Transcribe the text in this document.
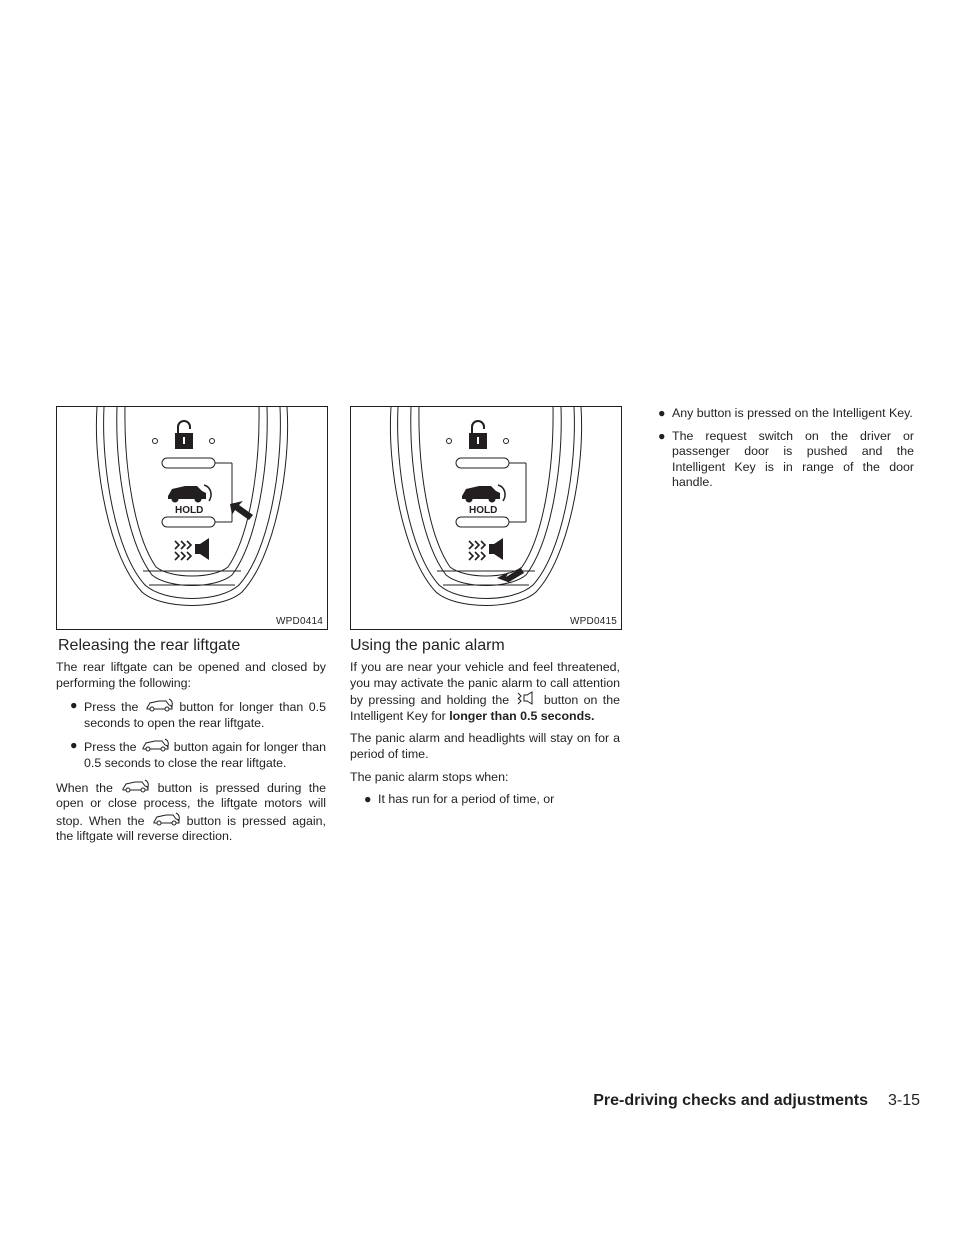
HOLD
WPD0414
HOLD
WPD0415
Releasing the rear liftgate

The rear liftgate can be opened and closed by performing the following:

● Press the	button for longer than 0.5 seconds to open the rear liftgate.
● Press the	button again for longer than 0.5 seconds to close the rear liftgate.

When the	button is pressed during the open or close process, the liftgate motors will stop. When the	button is pressed again, the liftgate will reverse direction.

Using the panic alarm

If you are near your vehicle and feel threatened, you may activate the panic alarm to call attention by pressing and holding the	button on the Intelligent Key for longer than 0.5 seconds.

The panic alarm and headlights will stay on for a period of time.

The panic alarm stops when:

● It has run for a period of time, or
● Any button is pressed on the Intelligent Key.
● The request switch on the driver or passenger door is pushed and the Intelligent Key is in range of the door handle.
Pre-driving checks and adjustments 3-15
